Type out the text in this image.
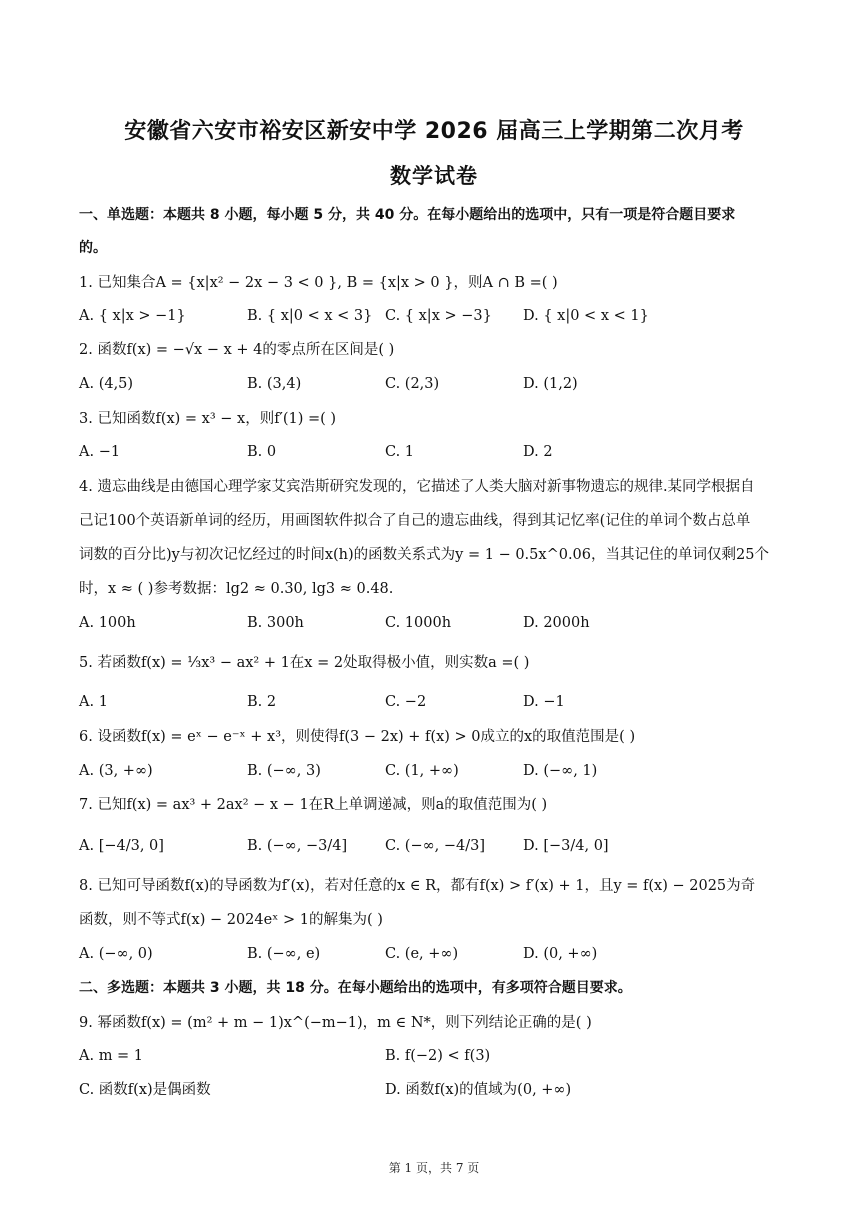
安徽省六安市裕安区新安中学 2026 届高三上学期第二次月考
数学试卷
一、单选题：本题共 8 小题，每小题 5 分，共 40 分。在每小题给出的选项中，只有一项是符合题目要求
的。
1. 已知集合A = {x|x² − 2x − 3 < 0 }, B = {x|x > 0 }，则A ∩ B =( )
A. { x|x > −1}	B. { x|0 < x < 3} C. { x|x > −3} D. { x|0 < x < 1}
2. 函数f(x) = −√x − x + 4的零点所在区间是( )
A. (4,5)	B. (3,4)	C. (2,3)	D. (1,2)
3. 已知函数f(x) = x³ − x，则f′(1) =( )
A. −1	B. 0	C. 1	D. 2
4. 遗忘曲线是由德国心理学家艾宾浩斯研究发现的，它描述了人类大脑对新事物遗忘的规律.某同学根据自
己记100个英语新单词的经历，用画图软件拟合了自己的遗忘曲线，得到其记忆率(记住的单词个数占总单
词数的百分比)y与初次记忆经过的时间x(h)的函数关系式为y = 1 − 0.5x^0.06，当其记住的单词仅剩25个
时，x ≈ ( )参考数据：lg2 ≈ 0.30, lg3 ≈ 0.48.
A. 100h	B. 300h	C. 1000h	D. 2000h
5. 若函数f(x) = ⅓x³ − ax² + 1在x = 2处取得极小值，则实数a =( )
A. 1	B. 2	C. −2	D. −1
6. 设函数f(x) = eˣ − e⁻ˣ + x³，则使得f(3 − 2x) + f(x) > 0成立的x的取值范围是( )
A. (3, +∞)	B. (−∞, 3)	C. (1, +∞)	D. (−∞, 1)
7. 已知f(x) = ax³ + 2ax² − x − 1在R上单调递减，则a的取值范围为( )
A. [−4/3, 0]	B. (−∞, −3/4]	C. (−∞, −4/3]	D. [−3/4, 0]
8. 已知可导函数f(x)的导函数为f′(x)，若对任意的x ∈ R，都有f(x) > f′(x) + 1，且y = f(x) − 2025为奇
函数，则不等式f(x) − 2024eˣ > 1的解集为( )
A. (−∞, 0)	B. (−∞, e)	C. (e, +∞)	D. (0, +∞)
二、多选题：本题共 3 小题，共 18 分。在每小题给出的选项中，有多项符合题目要求。
9. 幂函数f(x) = (m² + m − 1)x^(−m−1)，m ∈ N*，则下列结论正确的是( )
A. m = 1	B. f(−2) < f(3)
C. 函数f(x)是偶函数	D. 函数f(x)的值域为(0, +∞)
第 1 页，共 7 页
